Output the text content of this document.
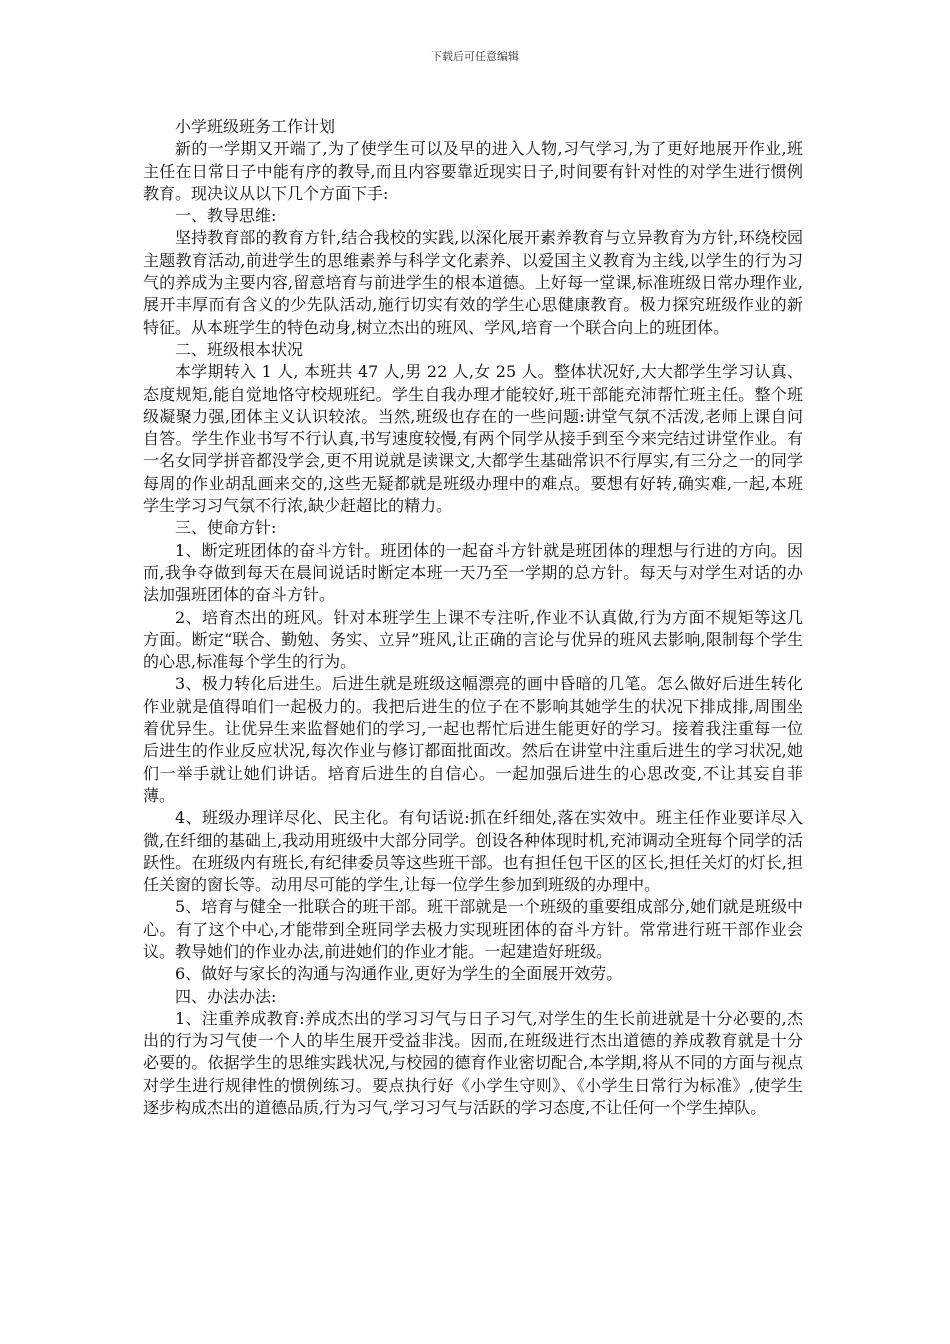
下载后可任意编辑

小学班级班务工作计划

新的一学期又开端了,为了使学生可以及早的进入人物,习气学习,为了更好地展开作业,班主任在日常日子中能有序的教导,而且内容要靠近现实日子,时间要有针对性的对学生进行惯例教育。现决议从以下几个方面下手:

一、教导思维:

坚持教育部的教育方针,结合我校的实践,以深化展开素养教育与立异教育为方针,环绕校园主题教育活动,前进学生的思维素养与科学文化素养、以爱国主义教育为主线,以学生的行为习气的养成为主要内容,留意培育与前进学生的根本道德。上好每一堂课,标准班级日常办理作业,展开丰厚而有含义的少先队活动,施行切实有效的学生心思健康教育。极力探究班级作业的新特征。从本班学生的特色动身,树立杰出的班风、学风,培育一个联合向上的班团体。

二、班级根本状况

本学期转入 1 人, 本班共 47 人,男 22 人,女 25 人。整体状况好,大大都学生学习认真、态度规矩,能自觉地恪守校规班纪。学生自我办理才能较好,班干部能充沛帮忙班主任。整个班级凝聚力强,团体主义认识较浓。当然,班级也存在的一些问题:讲堂气氛不活泼,老师上课自问自答。学生作业书写不行认真,书写速度较慢,有两个同学从接手到至今来完结过讲堂作业。有一名女同学拼音都没学会,更不用说就是读课文,大都学生基础常识不行厚实,有三分之一的同学每周的作业胡乱画来交的,这些无疑都就是班级办理中的难点。要想有好转,确实难,一起,本班学生学习习气氛不行浓,缺少赶超比的精力。

三、使命方针:

1、断定班团体的奋斗方针。班团体的一起奋斗方针就是班团体的理想与行进的方向。因而,我争夺做到每天在晨间说话时断定本班一天乃至一学期的总方针。每天与对学生对话的办法加强班团体的奋斗方针。

2、培育杰出的班风。针对本班学生上课不专注听,作业不认真做,行为方面不规矩等这几方面。断定“联合、勤勉、务实、立异”班风,让正确的言论与优异的班风去影响,限制每个学生的心思,标准每个学生的行为。

3、极力转化后进生。后进生就是班级这幅漂亮的画中昏暗的几笔。怎么做好后进生转化作业就是值得咱们一起极力的。我把后进生的位子在不影响其她学生的状况下排成排,周围坐着优异生。让优异生来监督她们的学习,一起也帮忙后进生能更好的学习。接着我注重每一位后进生的作业反应状况,每次作业与修订都面批面改。然后在讲堂中注重后进生的学习状况,她们一举手就让她们讲话。培育后进生的自信心。一起加强后进生的心思改变,不让其妄自菲薄。

4、班级办理详尽化、民主化。有句话说:抓在纤细处,落在实效中。班主任作业要详尽入微,在纤细的基础上,我动用班级中大部分同学。创设各种体现时机,充沛调动全班每个同学的活跃性。在班级内有班长,有纪律委员等这些班干部。也有担任包干区的区长,担任关灯的灯长,担任关窗的窗长等。动用尽可能的学生,让每一位学生参加到班级的办理中。

5、培育与健全一批联合的班干部。班干部就是一个班级的重要组成部分,她们就是班级中心。有了这个中心,才能带到全班同学去极力实现班团体的奋斗方针。常常进行班干部作业会议。教导她们的作业办法,前进她们的作业才能。一起建造好班级。

6、做好与家长的沟通与沟通作业,更好为学生的全面展开效劳。

四、办法办法:

1、注重养成教育:养成杰出的学习习气与日子习气,对学生的生长前进就是十分必要的,杰出的行为习气使一个人的毕生展开受益非浅。因而,在班级进行杰出道德的养成教育就是十分必要的。依据学生的思维实践状况,与校园的德育作业密切配合,本学期,将从不同的方面与视点对学生进行规律性的惯例练习。要点执行好《小学生守则》、《小学生日常行为标准》,使学生逐步构成杰出的道德品质,行为习气,学习习气与活跃的学习态度,不让任何一个学生掉队。
